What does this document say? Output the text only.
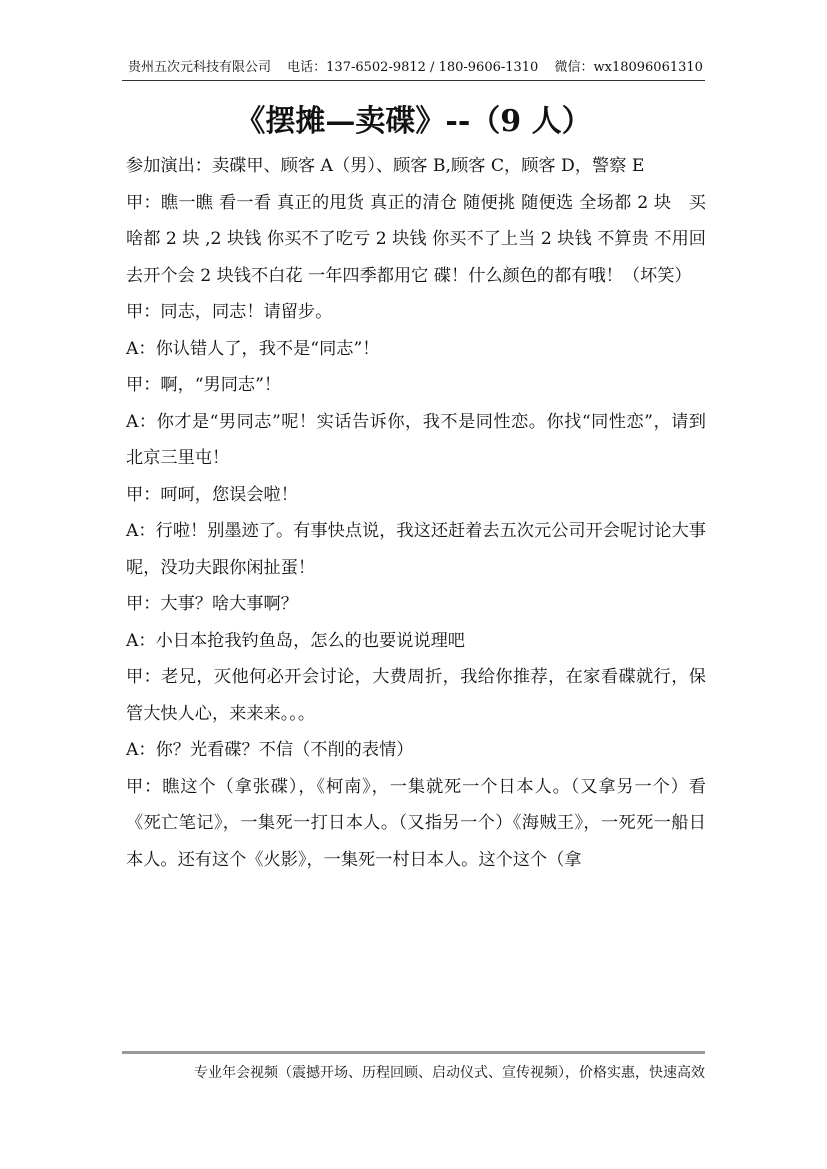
贵州五次元科技有限公司 电话：137-6502-9812 / 180-9606-1310 微信：wx18096061310
《摆摊—卖碟》--（9 人）

参加演出：卖碟甲、顾客 A（男）、顾客 B,顾客 C，顾客 D，警察 E

甲：瞧一瞧 看一看 真正的甩货 真正的清仓 随便挑 随便选 全场都 2 块　买啥都 2 块 ,2 块钱 你买不了吃亏 2 块钱 你买不了上当 2 块钱 不算贵 不用回去开个会 2 块钱不白花 一年四季都用它 碟！什么颜色的都有哦！（坏笑）

甲：同志，同志！请留步。

A：你认错人了，我不是“同志”！

甲：啊，“男同志”！

A：你才是“男同志”呢！实话告诉你，我不是同性恋。你找“同性恋”，请到北京三里屯！

甲：呵呵，您误会啦！

A：行啦！别墨迹了。有事快点说，我这还赶着去五次元公司开会呢讨论大事呢，没功夫跟你闲扯蛋！

甲：大事？啥大事啊？

A：小日本抢我钓鱼岛，怎么的也要说说理吧

甲：老兄，灭他何必开会讨论，大费周折，我给你推荐，在家看碟就行，保管大快人心，来来来。。。

A：你？光看碟？不信（不削的表情）

甲：瞧这个（拿张碟），《柯南》，一集就死一个日本人。（又拿另一个）看《死亡笔记》，一集死一打日本人。（又指另一个）《海贼王》，一死死一船日本人。还有这个《火影》，一集死一村日本人。这个这个（拿

专业年会视频（震撼开场、历程回顾、启动仪式、宣传视频），价格实惠，快速高效
